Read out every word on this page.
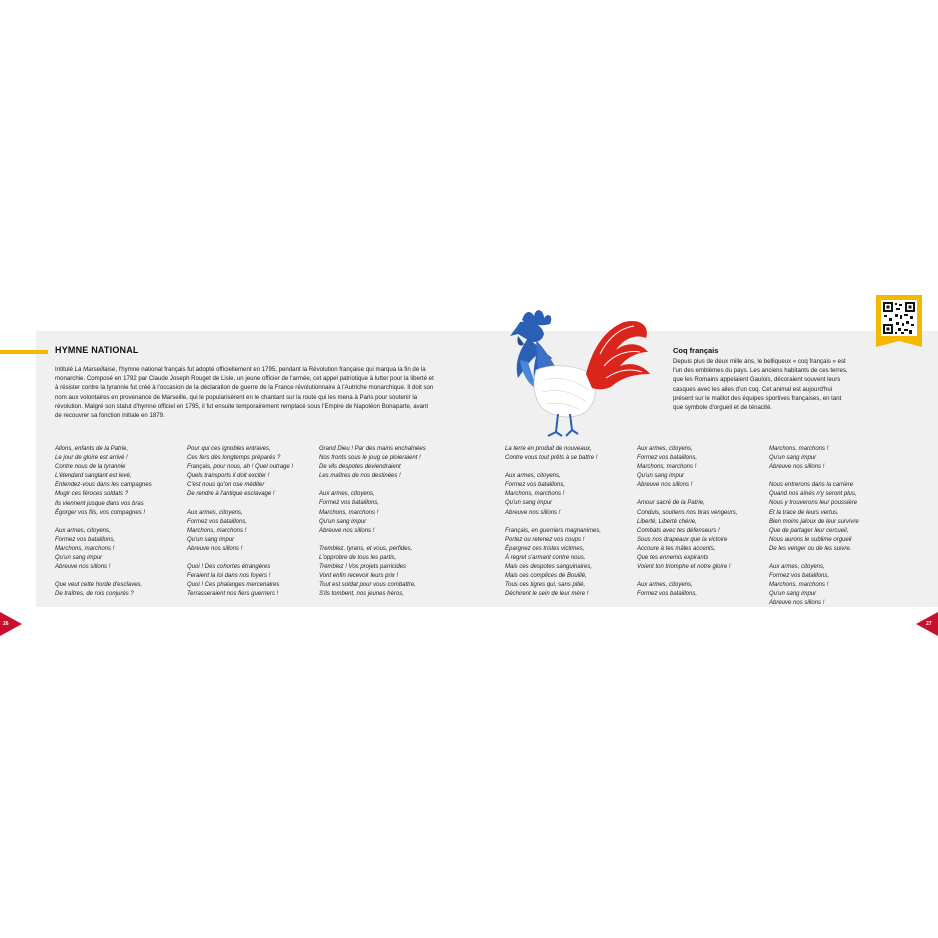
HYMNE NATIONAL
Intitulé La Marseillaise, l'hymne national français fut adopté officiellement en 1795, pendant la Révolution française qui marqua la fin de la monarchie. Composé en 1792 par Claude Joseph Rouget de Lisle, un jeune officier de l'armée, cet appel patriotique à lutter pour la liberté et à résister contre la tyrannie fut créé à l'occasion de la déclaration de guerre de la France révolutionnaire à l'Autriche monarchique. Il doit son nom aux volontaires en provenance de Marseille, qui le popularisèrent en le chantant sur la route qui les mena à Paris pour soutenir la révolution. Malgré son statut d'hymne officiel en 1795, il fut ensuite temporairement remplacé sous l'Empire de Napoléon Bonaparte, avant de recouvrer sa fonction initiale en 1879.
Allons, enfants de la Patrie,
Le jour de gloire est arrivé !
Contre nous de la tyrannie
L'étendard sanglant est levé,
Entendez-vous dans les campagnes
Mugir ces féroces soldats ?
Ils viennent jusque dans vos bras
Égorger vos fils, vos compagnes !
Aux armes, citoyens,
Formez vos bataillons,
Marchons, marchons !
Qu'un sang impur
Abreuve nos sillons !
Que veut cette horde d'esclaves,
De traîtres, de rois conjurés ?
Pour qui ces ignobles entraves,
Ces fers dès longtemps préparés ?
Français, pour nous, ah ! Quel outrage !
Quels transports il doit exciter !
C'est nous qu'on ose méditer
De rendre à l'antique esclavage !
Aux armes, citoyens,
Formez vos bataillons,
Marchons, marchons !
Qu'un sang impur
Abreuve nos sillons !
Quoi ! Des cohortes étrangères
Feraient la loi dans nos foyers !
Quoi ! Ces phalanges mercenaires
Terrasseraient nos fiers guerriers !
Grand Dieu ! Par des mains enchaînées
Nos fronts sous le joug se ploieraient !
De vils despotes deviendraient
Les maîtres de nos destinées !
Aux armes, citoyens,
Formez vos bataillons,
Marchons, marchons !
Qu'un sang impur
Abreuve nos sillons !
Tremblez, tyrans, et vous, perfides,
L'opprobre de tous les partis,
Tremblez ! Vos projets parricides
Vont enfin recevoir leurs prix !
Tout est soldat pour vous combattre,
S'ils tombent, nos jeunes héros,
La terre en produit de nouveaux,
Contre vous tout prêts à se battre !
Aux armes, citoyens,
Formez vos bataillons,
Marchons, marchons !
Qu'un sang impur
Abreuve nos sillons !
Français, en guerriers magnanimes,
Portez ou retenez vos coups !
Épargnez ces tristes victimes,
À regret s'armant contre nous.
Mais ces despotes sanguinaires,
Mais ces complices de Bouillé,
Tous ces tigres qui, sans pitié,
Déchirent le sein de leur mère !
Aux armes, citoyens,
Formez vos bataillons,
Marchons, marchons !
Qu'un sang impur
Abreuve nos sillons !
Amour sacré de la Patrie,
Conduis, soutiens nos bras vengeurs,
Liberté, Liberté chérie,
Combats avec tes défenseurs !
Sous nos drapeaux que la victoire
Accoure à tes mâles accents,
Que tes ennemis expirants
Voient ton triomphe et notre gloire !
Aux armes, citoyens,
Formez vos bataillons,
Marchons, marchons !
Qu'un sang impur
Abreuve nos sillons !
Nous entrerons dans la carrière
Quand nos aînés n'y seront plus,
Nous y trouverons leur poussière
Et la trace de leurs vertus.
Bien moins jaloux de leur survivre
Que de partager leur cercueil,
Nous aurons le sublime orgueil
De les venger ou de les suivre.
Aux armes, citoyens,
Formez vos bataillons,
Marchons, marchons !
Qu'un sang impur
Abreuve nos sillons !
Coq français
Depuis plus de deux mille ans, le belliqueux « coq français » est l'un des emblèmes du pays. Les anciens habitants de ces terres, que les Romains appelaient Gaulois, décoraient souvent leurs casques avec les ailes d'un coq. Cet animal est aujourd'hui présent sur le maillot des équipes sportives françaises, en tant que symbole d'orgueil et de ténacité.
26	27
